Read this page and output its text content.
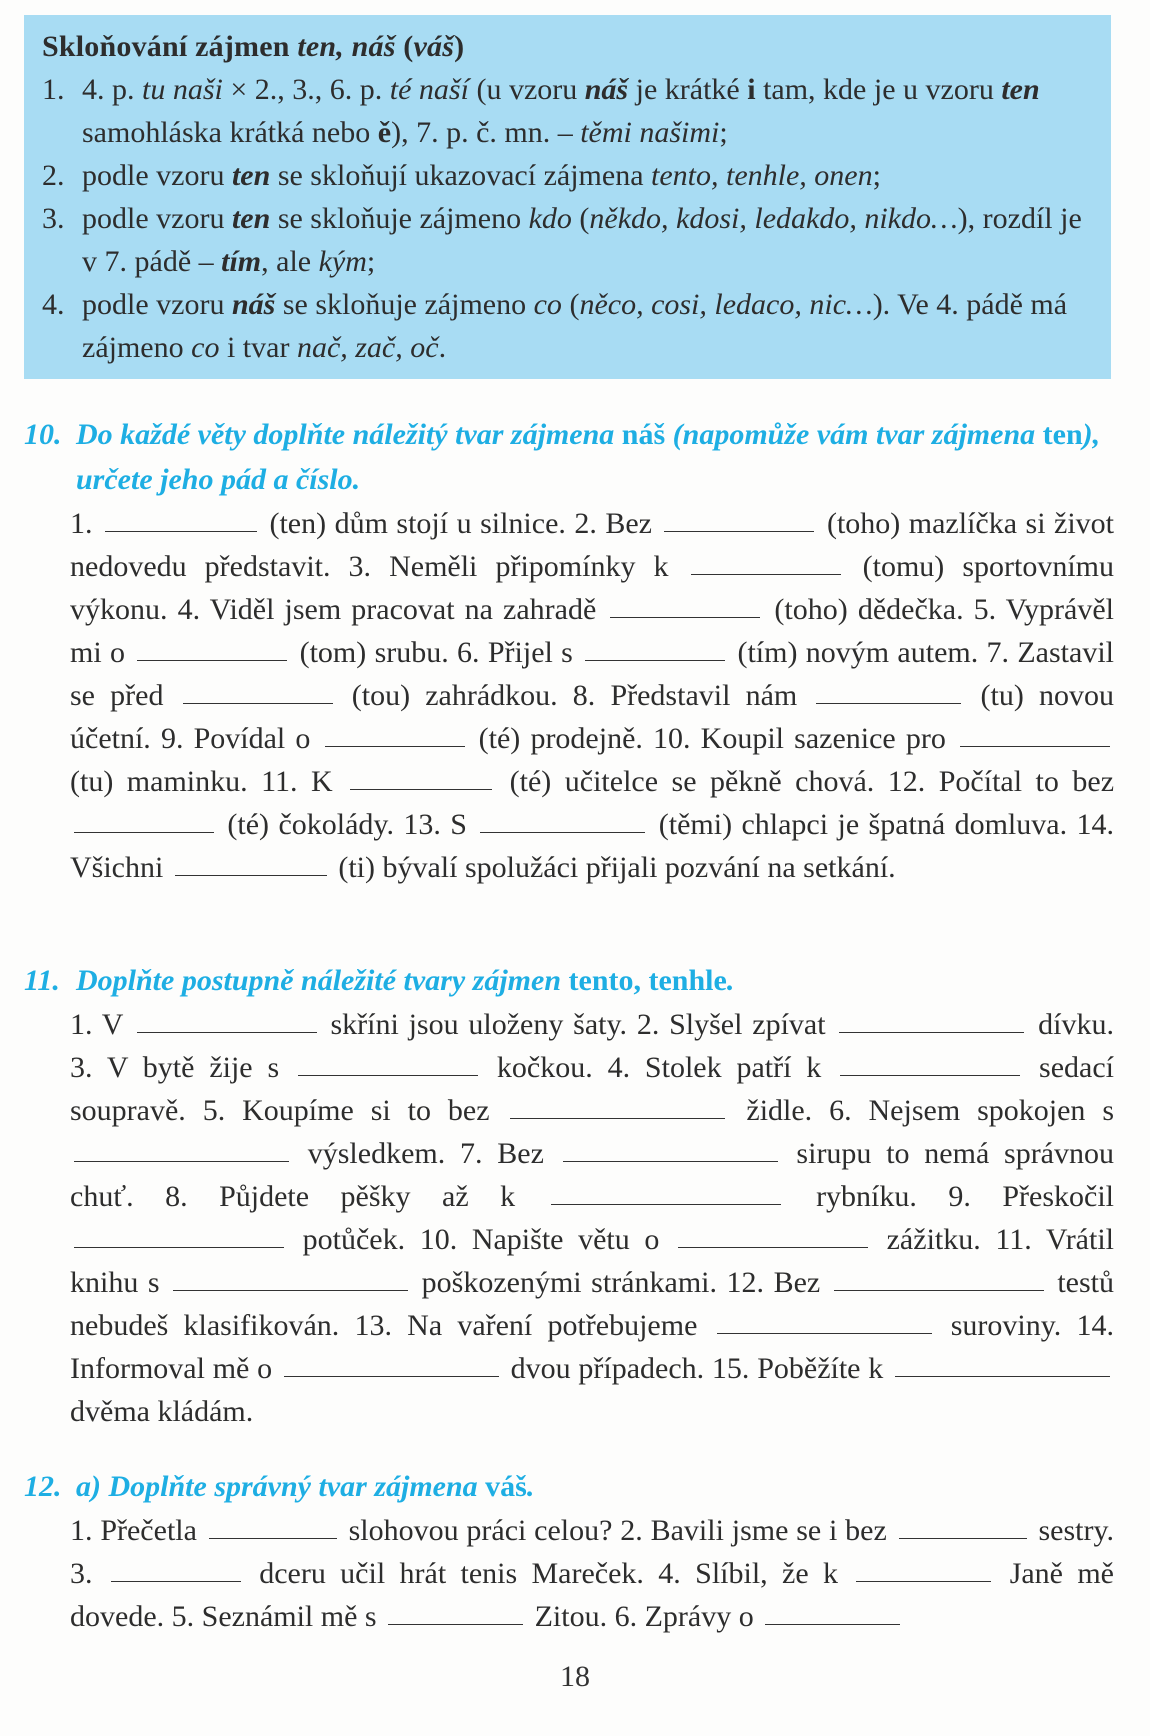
Skloňování zájmen ten, náš (váš)
1. 4. p. tu naši × 2., 3., 6. p. té naší (u vzoru náš je krátké i tam, kde je u vzoru ten samohláska krátká nebo ě), 7. p. č. mn. – těmi našimi;
2. podle vzoru ten se skloňují ukazovací zájmena tento, tenhle, onen;
3. podle vzoru ten se skloňuje zájmeno kdo (někdo, kdosi, ledakdo, nikdo…), rozdíl je v 7. pádě – tím, ale kým;
4. podle vzoru náš se skloňuje zájmeno co (něco, cosi, ledaco, nic…). Ve 4. pádě má zájmeno co i tvar nač, zač, oč.
10. Do každé věty doplňte náležitý tvar zájmena náš (napomůže vám tvar zájmena ten), určete jeho pád a číslo.
1.	(ten) dům stojí u silnice. 2. Bez	(toho) mazlíčka si život nedovedu představit. 3. Neměli připomínky k	(tomu) sportovnímu výkonu. 4. Viděl jsem pracovat na zahradě	(toho) dědečka. 5. Vyprávěl mi o	(tom) srubu. 6. Přijel s	(tím) novým autem. 7. Zastavil se před	(tou) zahrádkou. 8. Představil nám	(tu) novou účetní. 9. Povídal o	(té) prodejně. 10. Koupil sazenice pro  (tu) maminku. 11. K	(té) učitelce se pěkně chová. 12. Počítal to bez  (té) čokolády. 13. S	(těmi) chlapci je špatná domluva. 14. Všichni	(ti) bývalí spolužáci přijali pozvání na setkání.
11. Doplňte postupně náležité tvary zájmen tento, tenhle.
1. V	skříni jsou uloženy šaty. 2. Slyšel zpívat	dívku. 3. V bytě žije s	kočkou. 4. Stolek patří k	sedací soupravě. 5. Koupíme si to bez	židle. 6. Nejsem spokojen s  výsledkem. 7. Bez	sirupu to nemá správnou chuť. 8. Půjdete pěšky až k	rybníku. 9. Přeskočil  potůček. 10. Napište větu o	zážitku. 11. Vrátil knihu s	poškozenými stránkami. 12. Bez	testů nebudeš klasifikován. 13. Na vaření potřebujeme	suroviny. 14. Informoval mě o	dvou případech. 15. Poběžíte k  dvěma kládám.
12. a) Doplňte správný tvar zájmena váš.
1. Přečetla	slohovou práci celou? 2. Bavili jsme se i bez	sestry. 3.	dceru učil hrát tenis Mareček. 4. Slíbil, že k	Janě mě dovede. 5. Seznámil mě s	Zitou. 6. Zprávy o
18
